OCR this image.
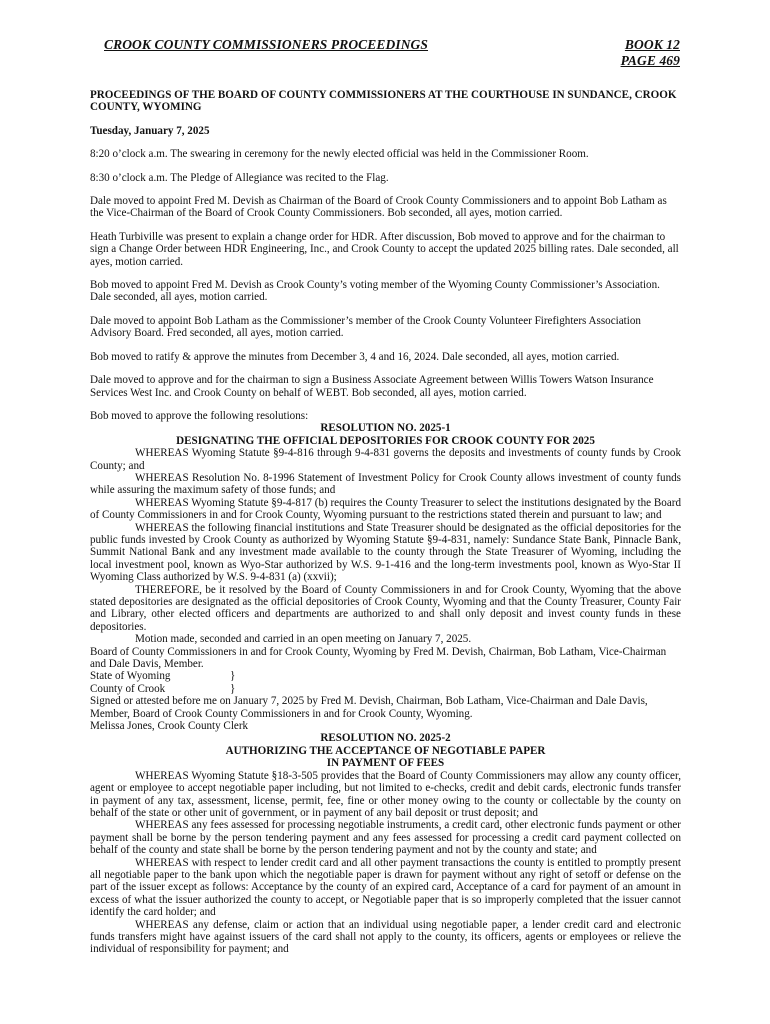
CROOK COUNTY COMMISSIONERS PROCEEDINGS	BOOK 12
PAGE 469

PROCEEDINGS OF THE BOARD OF COUNTY COMMISSIONERS AT THE COURTHOUSE IN SUNDANCE, CROOK COUNTY, WYOMING

Tuesday, January 7, 2025

8:20 o’clock a.m. The swearing in ceremony for the newly elected official was held in the Commissioner Room.

8:30 o’clock a.m. The Pledge of Allegiance was recited to the Flag.

Dale moved to appoint Fred M. Devish as Chairman of the Board of Crook County Commissioners and to appoint Bob Latham as the Vice-Chairman of the Board of Crook County Commissioners. Bob seconded, all ayes, motion carried.

Heath Turbiville was present to explain a change order for HDR. After discussion, Bob moved to approve and for the chairman to sign a Change Order between HDR Engineering, Inc., and Crook County to accept the updated 2025 billing rates. Dale seconded, all ayes, motion carried.

Bob moved to appoint Fred M. Devish as Crook County’s voting member of the Wyoming County Commissioner’s Association. Dale seconded, all ayes, motion carried.

Dale moved to appoint Bob Latham as the Commissioner’s member of the Crook County Volunteer Firefighters Association Advisory Board. Fred seconded, all ayes, motion carried.

Bob moved to ratify & approve the minutes from December 3, 4 and 16, 2024. Dale seconded, all ayes, motion carried.

Dale moved to approve and for the chairman to sign a Business Associate Agreement between Willis Towers Watson Insurance Services West Inc. and Crook County on behalf of WEBT. Bob seconded, all ayes, motion carried.

Bob moved to approve the following resolutions:

RESOLUTION NO. 2025-1

DESIGNATING THE OFFICIAL DEPOSITORIES FOR CROOK COUNTY FOR 2025

WHEREAS Wyoming Statute §9-4-816 through 9-4-831 governs the deposits and investments of county funds by Crook County; and

WHEREAS Resolution No. 8-1996 Statement of Investment Policy for Crook County allows investment of county funds while assuring the maximum safety of those funds; and

WHEREAS Wyoming Statute §9-4-817 (b) requires the County Treasurer to select the institutions designated by the Board of County Commissioners in and for Crook County, Wyoming pursuant to the restrictions stated therein and pursuant to law; and

WHEREAS the following financial institutions and State Treasurer should be designated as the official depositories for the public funds invested by Crook County as authorized by Wyoming Statute §9-4-831, namely: Sundance State Bank, Pinnacle Bank, Summit National Bank and any investment made available to the county through the State Treasurer of Wyoming, including the local investment pool, known as Wyo-Star authorized by W.S. 9-1-416 and the long-term investments pool, known as Wyo-Star II Wyoming Class authorized by W.S. 9-4-831 (a) (xxvii);

THEREFORE, be it resolved by the Board of County Commissioners in and for Crook County, Wyoming that the above stated depositories are designated as the official depositories of Crook County, Wyoming and that the County Treasurer, County Fair and Library, other elected officers and departments are authorized to and shall only deposit and invest county funds in these depositories.

Motion made, seconded and carried in an open meeting on January 7, 2025.

Board of County Commissioners in and for Crook County, Wyoming by Fred M. Devish, Chairman, Bob Latham, Vice-Chairman and Dale Davis, Member.

State of Wyoming	}

County of Crook	}

Signed or attested before me on January 7, 2025 by Fred M. Devish, Chairman, Bob Latham, Vice-Chairman and Dale Davis, Member, Board of Crook County Commissioners in and for Crook County, Wyoming.

Melissa Jones, Crook County Clerk

RESOLUTION NO. 2025-2

AUTHORIZING THE ACCEPTANCE OF NEGOTIABLE PAPER

IN PAYMENT OF FEES

WHEREAS Wyoming Statute §18-3-505 provides that the Board of County Commissioners may allow any county officer, agent or employee to accept negotiable paper including, but not limited to e-checks, credit and debit cards, electronic funds transfer in payment of any tax, assessment, license, permit, fee, fine or other money owing to the county or collectable by the county on behalf of the state or other unit of government, or in payment of any bail deposit or trust deposit; and

WHEREAS any fees assessed for processing negotiable instruments, a credit card, other electronic funds payment or other payment shall be borne by the person tendering payment and any fees assessed for processing a credit card payment collected on behalf of the county and state shall be borne by the person tendering payment and not by the county and state; and

WHEREAS with respect to lender credit card and all other payment transactions the county is entitled to promptly present all negotiable paper to the bank upon which the negotiable paper is drawn for payment without any right of setoff or defense on the part of the issuer except as follows: Acceptance by the county of an expired card, Acceptance of a card for payment of an amount in excess of what the issuer authorized the county to accept, or Negotiable paper that is so improperly completed that the issuer cannot identify the card holder; and

WHEREAS any defense, claim or action that an individual using negotiable paper, a lender credit card and electronic funds transfers might have against issuers of the card shall not apply to the county, its officers, agents or employees or relieve the individual of responsibility for payment; and
